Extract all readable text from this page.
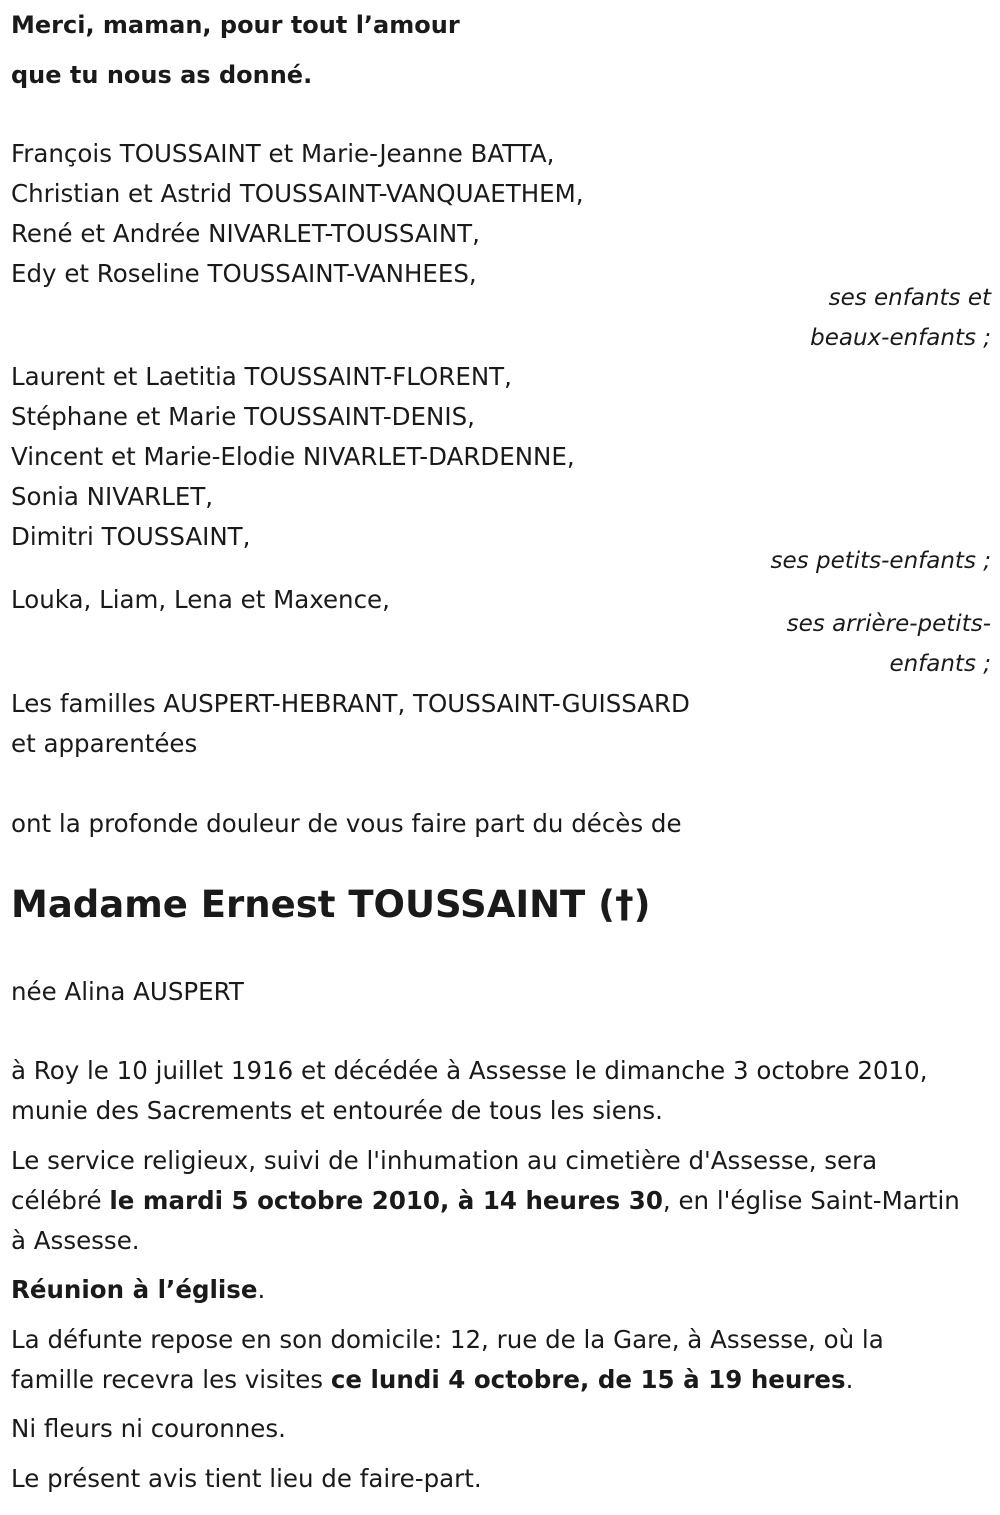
Merci, maman, pour tout l’amour
que tu nous as donné.
François TOUSSAINT et Marie-Jeanne BATTA,
Christian et Astrid TOUSSAINT-VANQUAETHEM,
René et Andrée NIVARLET-TOUSSAINT,
Edy et Roseline TOUSSAINT-VANHEES,
ses enfants et
beaux-enfants ;
Laurent et Laetitia TOUSSAINT-FLORENT,
Stéphane et Marie TOUSSAINT-DENIS,
Vincent et Marie-Elodie NIVARLET-DARDENNE,
Sonia NIVARLET,
Dimitri TOUSSAINT,
ses petits-enfants ;
Louka, Liam, Lena et Maxence,
ses arrière-petits-
enfants ;
Les familles AUSPERT-HEBRANT, TOUSSAINT-GUISSARD
et apparentées
ont la profonde douleur de vous faire part du décès de
Madame Ernest TOUSSAINT (†)
née Alina AUSPERT
à Roy le 10 juillet 1916 et décédée à Assesse le dimanche 3 octobre 2010,
munie des Sacrements et entourée de tous les siens.
Le service religieux, suivi de l'inhumation au cimetière d'Assesse, sera
célébré le mardi 5 octobre 2010, à 14 heures 30, en l'église Saint-Martin
à Assesse.
Réunion à l’église.
La défunte repose en son domicile: 12, rue de la Gare, à Assesse, où la
famille recevra les visites ce lundi 4 octobre, de 15 à 19 heures.
Ni fleurs ni couronnes.
Le présent avis tient lieu de faire-part.
